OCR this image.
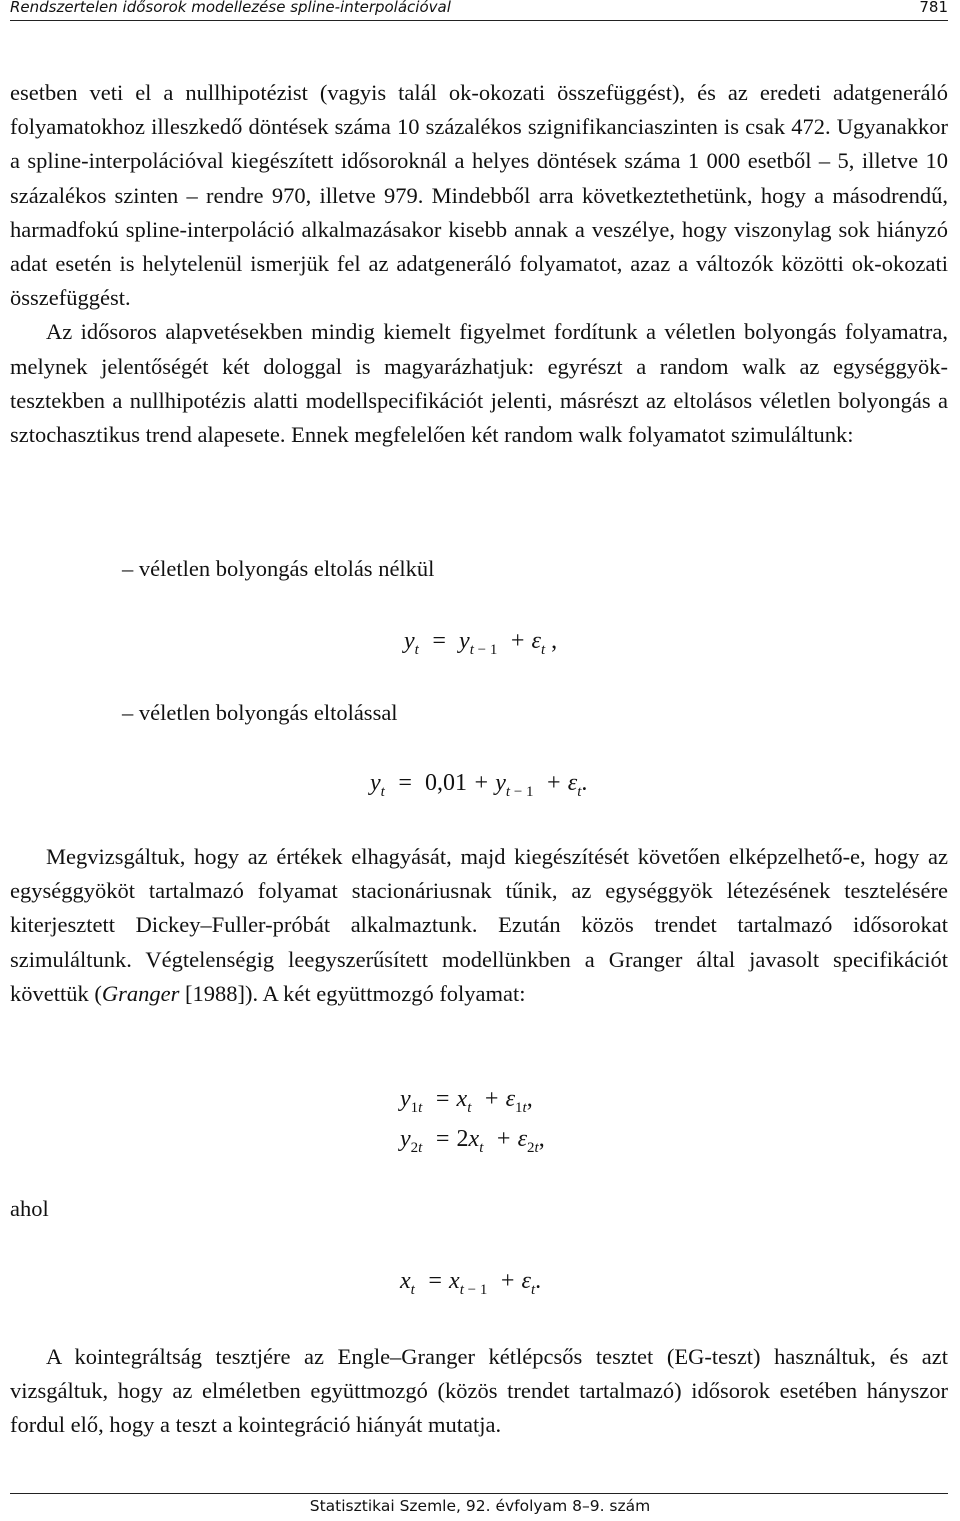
Rendszertelen idősorok modellezése spline-interpolációval	781

esetben veti el a nullhipotézist (vagyis talál ok-okozati összefüggést), és az eredeti adatgeneráló folyamatokhoz illeszkedő döntések száma 10 százalékos szignifikanciaszinten is csak 472. Ugyanakkor a spline-interpolációval kiegészített idősoroknál a helyes döntések száma 1 000 esetből – 5, illetve 10 százalékos szinten – rendre 970, illetve 979. Mindebből arra következtethetünk, hogy a másodrendű, harmadfokú spline-interpoláció alkalmazásakor kisebb annak a veszélye, hogy viszonylag sok hiányzó adat esetén is helytelenül ismerjük fel az adatgeneráló folyamatot, azaz a változók közötti ok-okozati összefüggést.

Az idősoros alapvetésekben mindig kiemelt figyelmet fordítunk a véletlen bolyongás folyamatra, melynek jelentőségét két dologgal is magyarázhatjuk: egyrészt a random walk az egységgyök-tesztekben a nullhipotézis alatti modellspecifikációt jelenti, másrészt az eltolásos véletlen bolyongás a sztochasztikus trend alapesete. Ennek megfelelően két random walk folyamatot szimuláltunk:

– véletlen bolyongás eltolás nélkül
$y_t = y_{t - 1} + \varepsilon_t$ ,
– véletlen bolyongás eltolással
$y_t = 0,01 + y_{t - 1} + \varepsilon_t$.
Megvizsgáltuk, hogy az értékek elhagyását, majd kiegészítését követően elképzelhető-e, hogy az egységgyököt tartalmazó folyamat stacionáriusnak tűnik, az egységgyök létezésének tesztelésére kiterjesztett Dickey–Fuller-próbát alkalmaztunk. Ezután közös trendet tartalmazó idősorokat szimuláltunk. Végtelenségig leegyszerűsített modellünkben a Granger által javasolt specifikációt követtük (Granger [1988]). A két együttmozgó folyamat:
$y_{1t} = x_t + \varepsilon_{1t}$,
$y_{2t} = 2x_t + \varepsilon_{2t}$,
ahol
$x_t = x_{t - 1} + \varepsilon_t$.
A kointegráltság tesztjére az Engle–Granger kétlépcsős tesztet (EG-teszt) használtuk, és azt vizsgáltuk, hogy az elméletben együttmozgó (közös trendet tartalmazó) idősorok esetében hányszor fordul elő, hogy a teszt a kointegráció hiányát mutatja.
Statisztikai Szemle, 92. évfolyam 8–9. szám
